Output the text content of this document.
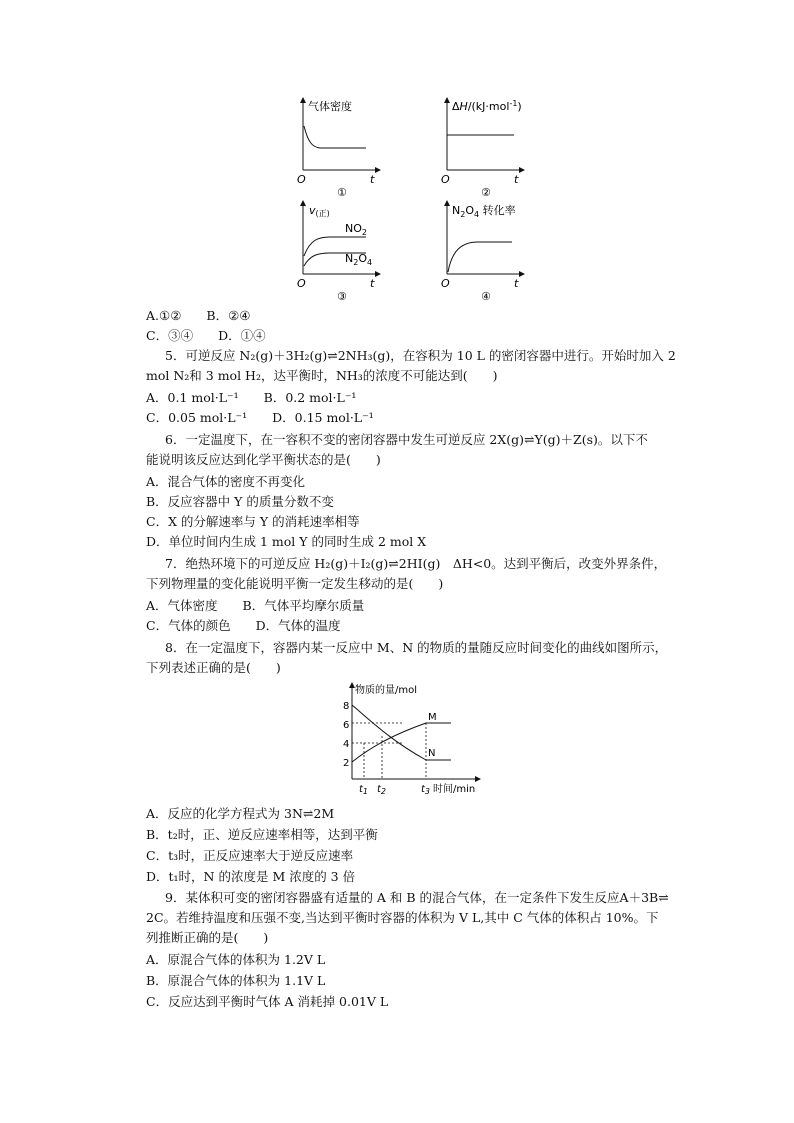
气体密度
O	t
①
ΔH/(kJ·mol$^{-1}$)
O	t
②
v(正)
$NO_2$
$N_2O_4$
O	t
③
$N_2O_4$ 转化率
O	t
④
A.①②　　B．②④
C．③④　　D．①④
5．可逆反应 N₂(g)＋3H₂(g)⇌2NH₃(g)，在容积为 10 L 的密闭容器中进行。开始时加入 2
mol N₂和 3 mol H₂，达平衡时，NH₃的浓度不可能达到(　　)
A．0.1 mol·L⁻¹　　B．0.2 mol·L⁻¹
C．0.05 mol·L⁻¹　　D．0.15 mol·L⁻¹
6．一定温度下，在一容积不变的密闭容器中发生可逆反应 2X(g)⇌Y(g)＋Z(s)。以下不
能说明该反应达到化学平衡状态的是(　　)
A．混合气体的密度不再变化
B．反应容器中 Y 的质量分数不变
C．X 的分解速率与 Y 的消耗速率相等
D．单位时间内生成 1 mol Y 的同时生成 2 mol X
7．绝热环境下的可逆反应 H₂(g)＋I₂(g)⇌2HI(g)　ΔH<0。达到平衡后，改变外界条件，
下列物理量的变化能说明平衡一定发生移动的是(　　)
A．气体密度　　B．气体平均摩尔质量
C．气体的颜色　　D．气体的温度
8．在一定温度下，容器内某一反应中 M、N 的物质的量随反应时间变化的曲线如图所示，
下列表述正确的是(　　)
物质的量/mol
时间/min
8
6
4
2
M
N
$t_1$ $t_2$	$t_3$
A．反应的化学方程式为 3N⇌2M
B．t₂时，正、逆反应速率相等，达到平衡
C．t₃时，正反应速率大于逆反应速率
D．t₁时，N 的浓度是 M 浓度的 3 倍
9．某体积可变的密闭容器盛有适量的 A 和 B 的混合气体，在一定条件下发生反应A＋3B⇌
2C。若维持温度和压强不变,当达到平衡时容器的体积为 V L,其中 C 气体的体积占 10%。下
列推断正确的是(　　)
A．原混合气体的体积为 1.2V L
B．原混合气体的体积为 1.1V L
C．反应达到平衡时气体 A 消耗掉 0.01V L
